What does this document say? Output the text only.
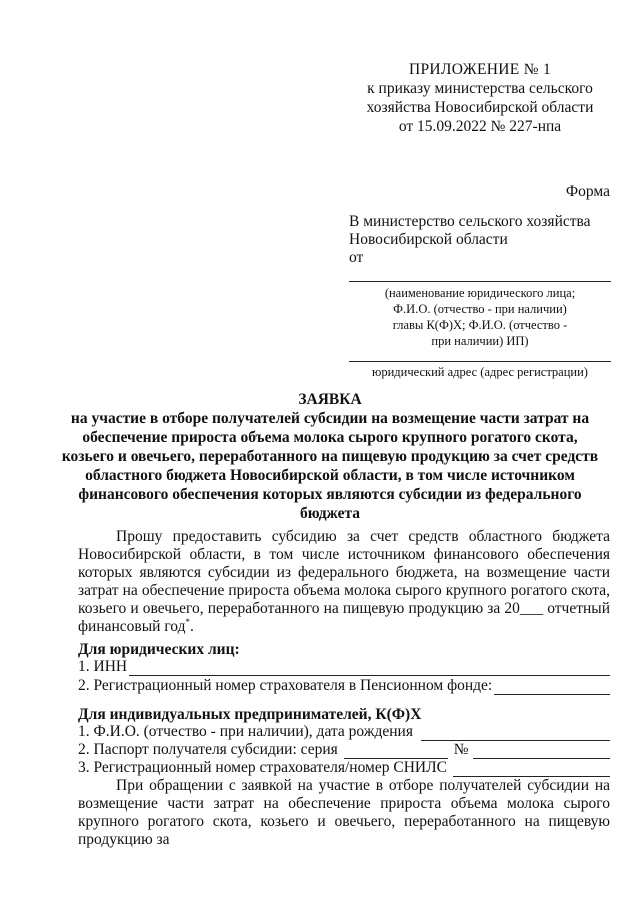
ПРИЛОЖЕНИЕ № 1
к приказу министерства сельского
хозяйства Новосибирской области
от 15.09.2022 № 227-нпа
Форма
В министерство сельского хозяйства
Новосибирской области
от
(наименование юридического лица;
Ф.И.О. (отчество - при наличии)
главы К(Ф)Х; Ф.И.О. (отчество -
при наличии) ИП)
юридический адрес (адрес регистрации)
ЗАЯВКА
на участие в отборе получателей субсидии на возмещение части затрат на
обеспечение прироста объема молока сырого крупного рогатого скота,
козьего и овечьего, переработанного на пищевую продукцию за счет средств
областного бюджета Новосибирской области, в том числе источником
финансового обеспечения которых являются субсидии из федерального
бюджета
Прошу предоставить субсидию за счет средств областного бюджета Новосибирской области, в том числе источником финансового обеспечения которых являются субсидии из федерального бюджета, на возмещение части затрат на обеспечение прироста объема молока сырого крупного рогатого скота, козьего и овечьего, переработанного на пищевую продукцию за 20___ отчетный финансовый год*.
Для юридических лиц:
1. ИНН
2. Регистрационный номер страхователя в Пенсионном фонде:
Для индивидуальных предпринимателей, К(Ф)Х
1. Ф.И.О. (отчество - при наличии), дата рождения
2. Паспорт получателя субсидии: серия	№
3. Регистрационный номер страхователя/номер СНИЛС
При обращении с заявкой на участие в отборе получателей субсидии на возмещение части затрат на обеспечение прироста объема молока сырого крупного рогатого скота, козьего и овечьего, переработанного на пищевую продукцию за
